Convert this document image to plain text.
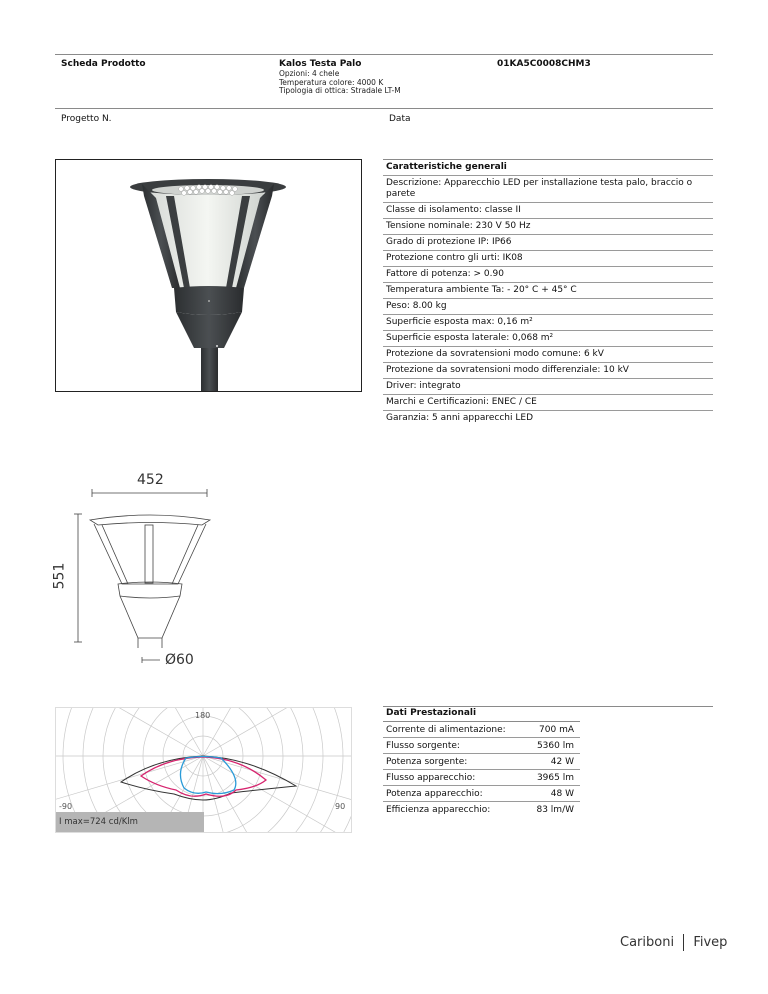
Scheda Prodotto	Kalos Testa Palo
Opzioni: 4 chele
Temperatura colore: 4000 K
Tipologia di ottica: Stradale LT-M
01KA5C0008CHM3
Progetto N.	Data
Caratteristiche generali
Descrizione: Apparecchio LED per installazione testa palo, braccio o parete
Classe di isolamento: classe II
Tensione nominale: 230 V 50 Hz
Grado di protezione IP: IP66
Protezione contro gli urti: IK08
Fattore di potenza: > 0.90
Temperatura ambiente Ta: - 20° C + 45° C
Peso: 8.00 kg
Superficie esposta max: 0,16 m²
Superficie esposta laterale: 0,068 m²
Protezione da sovratensioni modo comune: 6 kV
Protezione da sovratensioni modo differenziale: 10 kV
Driver: integrato
Marchi e Certificazioni: ENEC / CE
Garanzia: 5 anni apparecchi LED
452
551
Ø60
180
-90	90
I max=724 cd/Klm
Dati Prestazionali
Corrente di alimentazione:	700 mA
Flusso sorgente:	5360 lm
Potenza sorgente:	42 W
Flusso apparecchio:	3965 lm
Potenza apparecchio:	48 W
Efficienza apparecchio:	83 lm/W
Cariboni Fivep
